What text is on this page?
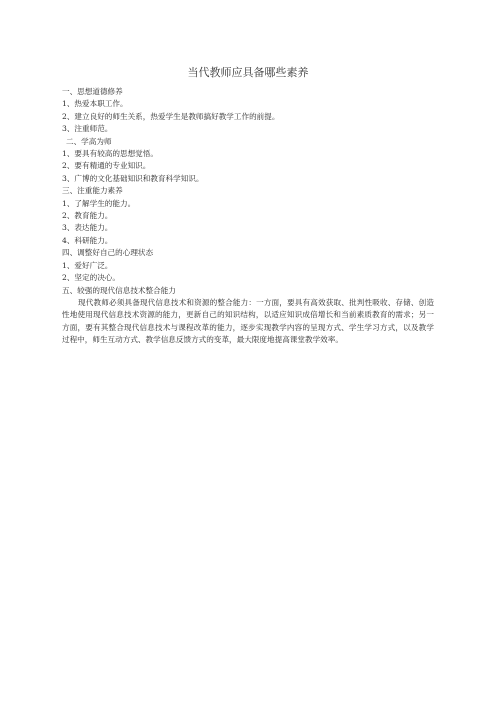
当代教师应具备哪些素养
一、思想道德修养
1、热爱本职工作。
2、建立良好的师生关系，热爱学生是教师搞好教学工作的前提。
3、注重师范。
二、学高为师
1、要具有较高的思想觉悟。
2、要有精通的专业知识。
3、广博的文化基础知识和教育科学知识。
三、注重能力素养
1、了解学生的能力。
2、教育能力。
3、表达能力。
4、科研能力。
四、调整好自己的心理状态
1、爱好广泛。
2、坚定的决心。
五、较强的现代信息技术整合能力
现代教师必须具备现代信息技术和资源的整合能力：一方面，要具有高效获取、批判性吸收、存储、创造性地使用现代信息技术资源的能力，更新自己的知识结构，以适应知识成倍增长和当前素质教育的需求；另一方面，要有其整合现代信息技术与课程改革的能力，逐步实现教学内容的呈现方式、学生学习方式，以及教学过程中，师生互动方式、教学信息反馈方式的变革，最大限度地提高课堂教学效率。
